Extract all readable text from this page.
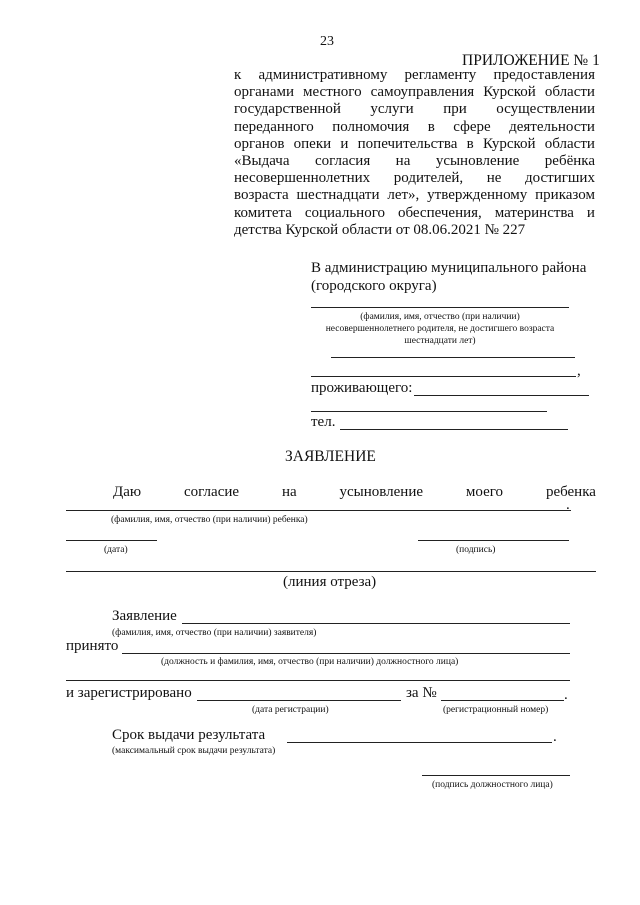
23
ПРИЛОЖЕНИЕ № 1
к административному регламенту предоставления
органами местного самоуправления Курской области
государственной услуги при осуществлении
переданного полномочия в сфере деятельности
органов опеки и попечительства в Курской области
«Выдача согласия на усыновление ребёнка
несовершеннолетних родителей, не достигших
возраста шестнадцати лет», утвержденному приказом
комитета социального обеспечения, материнства и
детства Курской области от 08.06.2021 № 227
В администрацию муниципального района
(городского округа)
(фамилия, имя, отчество (при наличии)
несовершеннолетнего родителя, не достигшего возраста
шестнадцати лет)
,
проживающего:
тел.
ЗАЯВЛЕНИЕ
Даю	согласие	на	усыновление	моего	ребенка
.
(фамилия, имя, отчество (при наличии) ребенка)
(дата)	(подпись)
(линия отреза)
Заявление
(фамилия, имя, отчество (при наличии) заявителя)
принято
(должность и фамилия, имя, отчество (при наличии) должностного лица)
и зарегистрировано	за №	.
(дата регистрации)	(регистрационный номер)
Срок выдачи результата	.
(максимальный срок выдачи результата)
(подпись должностного лица)
